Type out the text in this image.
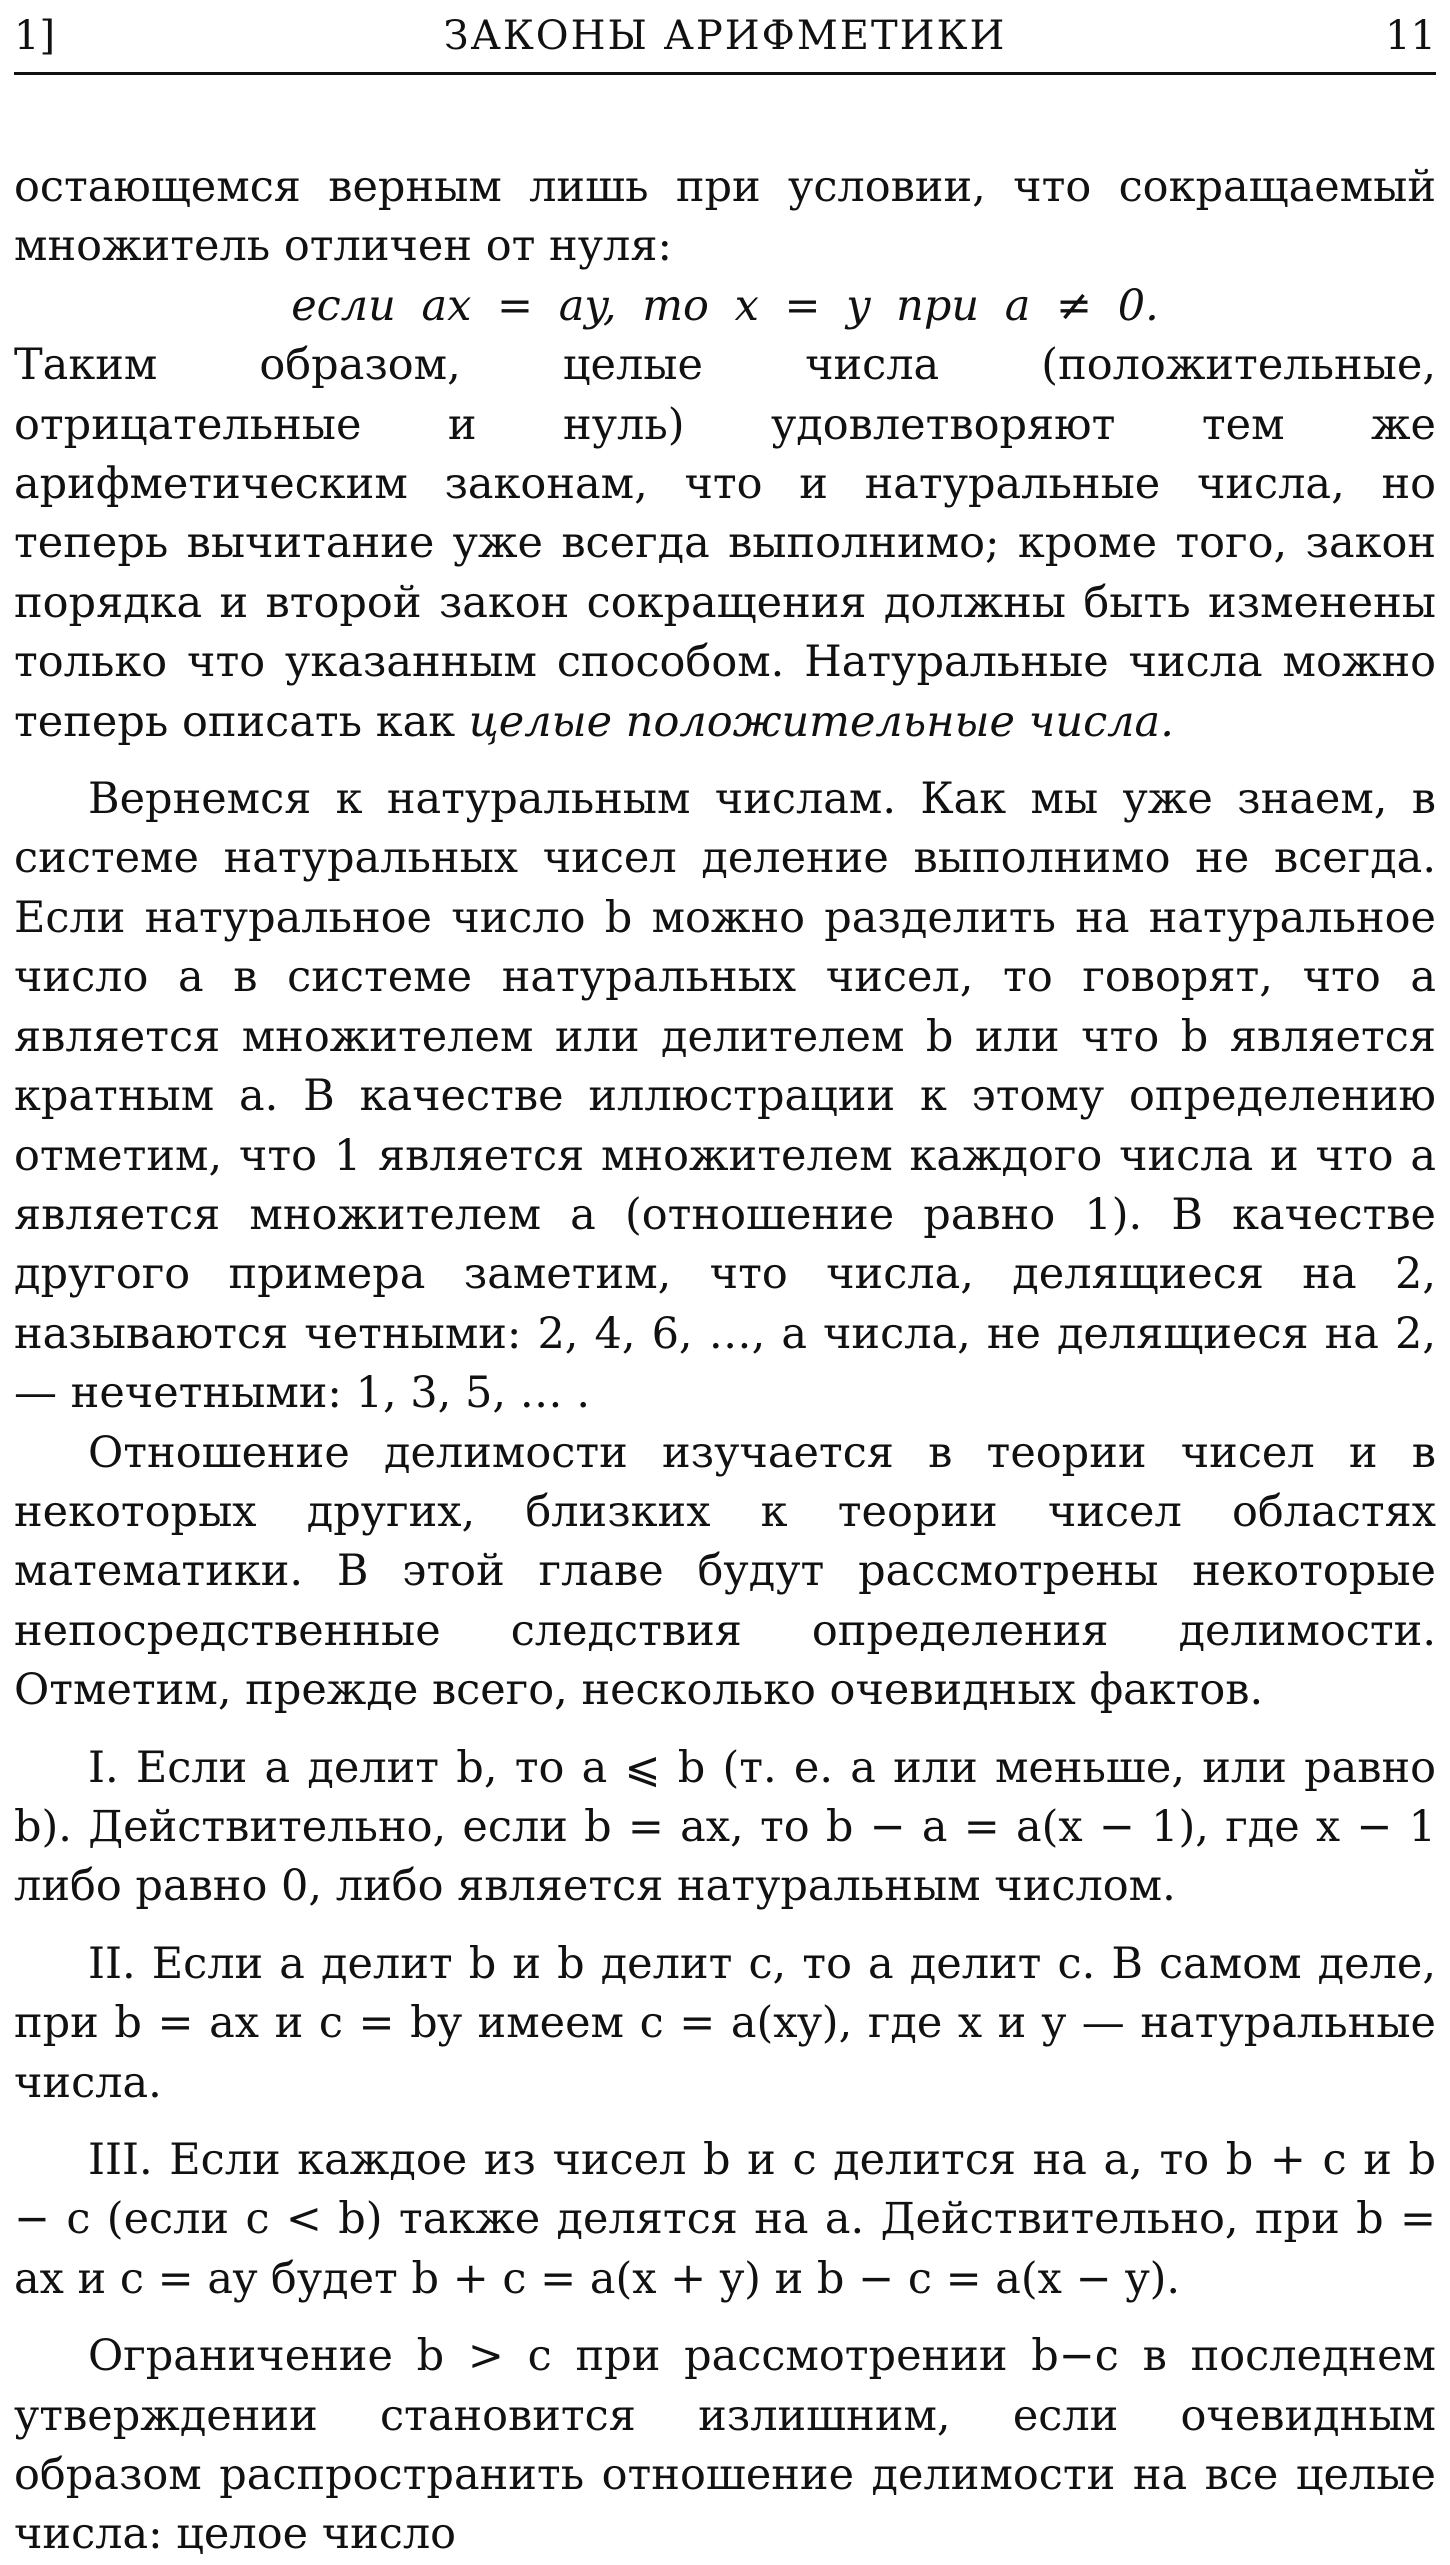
1]	ЗАКОНЫ АРИФМЕТИКИ	11

остающемся верным лишь при условии, что сокращаемый множитель отличен от нуля:

если ax = ay, то x = y при a ≠ 0.

Таким образом, целые числа (положительные, отрицательные и нуль) удовлетворяют тем же арифметическим законам, что и натуральные числа, но теперь вычитание уже всегда выполнимо; кроме того, закон порядка и второй закон сокращения должны быть изменены только что указанным способом. Натуральные числа можно теперь описать как целые положительные числа.

Вернемся к натуральным числам. Как мы уже знаем, в системе натуральных чисел деление выполнимо не всегда. Если натуральное число b можно разделить на натуральное число a в системе натуральных чисел, то говорят, что a является множителем или делителем b или что b является кратным a. В качестве иллюстрации к этому определению отметим, что 1 является множителем каждого числа и что a является множителем a (отношение равно 1). В качестве другого примера заметим, что числа, делящиеся на 2, называются четными: 2, 4, 6, …, а числа, не делящиеся на 2, — нечетными: 1, 3, 5, … .

Отношение делимости изучается в теории чисел и в некоторых других, близких к теории чисел областях математики. В этой главе будут рассмотрены некоторые непосредственные следствия определения делимости. Отметим, прежде всего, несколько очевидных фактов.

I. Если a делит b, то a ⩽ b (т. е. a или меньше, или равно b). Действительно, если b = ax, то b − a = a(x − 1), где x − 1 либо равно 0, либо является натуральным числом.

II. Если a делит b и b делит c, то a делит c. В самом деле, при b = ax и c = by имеем c = a(xy), где x и y — натуральные числа.

III. Если каждое из чисел b и c делится на a, то b + c и b − c (если c < b) также делятся на a. Действительно, при b = ax и c = ay будет b + c = a(x + y) и b − c = a(x − y).

Ограничение b > c при рассмотрении b−c в последнем утверждении становится излишним, если очевидным образом распространить отношение делимости на все целые числа: целое число
